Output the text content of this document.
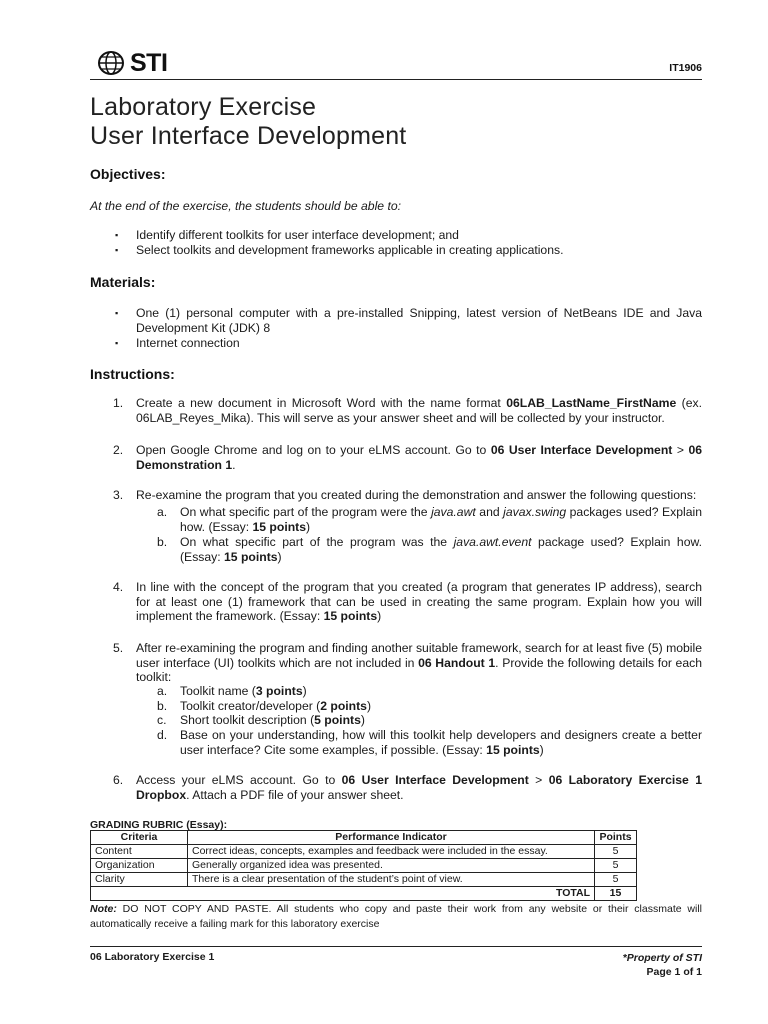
STI	IT1906
Laboratory Exercise
User Interface Development
Objectives:
At the end of the exercise, the students should be able to:
▪ Identify different toolkits for user interface development; and
▪ Select toolkits and development frameworks applicable in creating applications.
Materials:
▪ One (1) personal computer with a pre-installed Snipping, latest version of NetBeans IDE and Java Development Kit (JDK) 8
▪ Internet connection
Instructions:
1. Create a new document in Microsoft Word with the name format 06LAB_LastName_FirstName (ex. 06LAB_Reyes_Mika). This will serve as your answer sheet and will be collected by your instructor.
2. Open Google Chrome and log on to your eLMS account. Go to 06 User Interface Development > 06 Demonstration 1.
3. Re-examine the program that you created during the demonstration and answer the following questions:
a. On what specific part of the program were the java.awt and javax.swing packages used? Explain how. (Essay: 15 points)
b. On what specific part of the program was the java.awt.event package used? Explain how. (Essay: 15 points)
4. In line with the concept of the program that you created (a program that generates IP address), search for at least one (1) framework that can be used in creating the same program. Explain how you will implement the framework. (Essay: 15 points)
5. After re-examining the program and finding another suitable framework, search for at least five (5) mobile user interface (UI) toolkits which are not included in 06 Handout 1. Provide the following details for each toolkit:
a. Toolkit name (3 points)
b. Toolkit creator/developer (2 points)
c. Short toolkit description (5 points)
d. Base on your understanding, how will this toolkit help developers and designers create a better user interface? Cite some examples, if possible. (Essay: 15 points)
6. Access your eLMS account. Go to 06 User Interface Development > 06 Laboratory Exercise 1 Dropbox. Attach a PDF file of your answer sheet.
GRADING RUBRIC (Essay):
Criteria	Performance Indicator	Points
Content	Correct ideas, concepts, examples and feedback were included in the essay.	5
Organization	Generally organized idea was presented.	5
Clarity	There is a clear presentation of the student’s point of view.	5
TOTAL		15
Note: DO NOT COPY AND PASTE. All students who copy and paste their work from any website or their classmate will automatically receive a failing mark for this laboratory exercise
06 Laboratory Exercise 1	*Property of STI
Page 1 of 1
